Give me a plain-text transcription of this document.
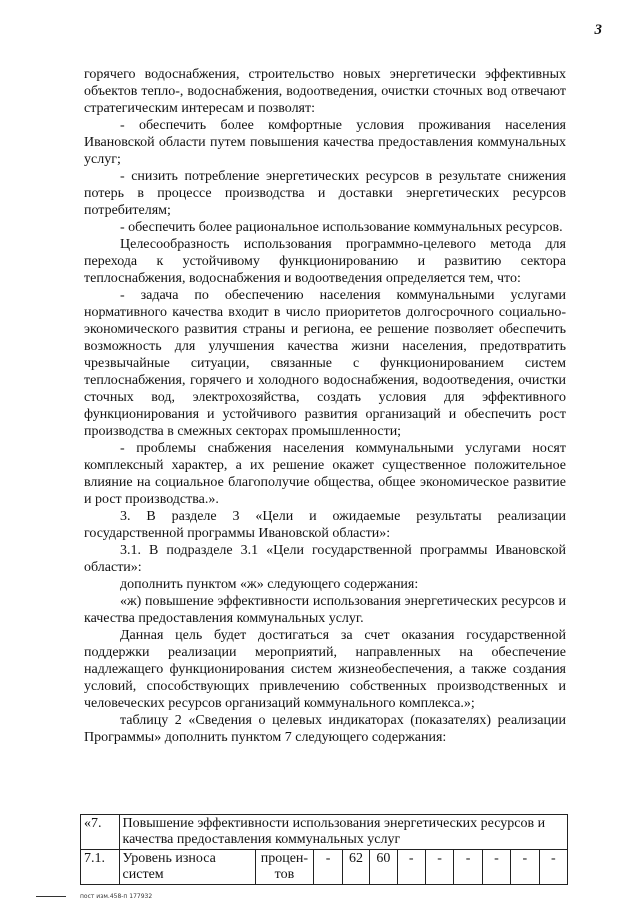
3

горячего водоснабжения, строительство новых энергетически эффективных объектов тепло-, водоснабжения, водоотведения, очистки сточных вод отвечают стратегическим интересам и позволят:

- обеспечить более комфортные условия проживания населения Ивановской области путем повышения качества предоставления коммунальных услуг;

- снизить потребление энергетических ресурсов в результате снижения потерь в процессе производства и доставки энергетических ресурсов потребителям;

- обеспечить более рациональное использование коммунальных ресурсов.

Целесообразность использования программно-целевого метода для перехода к устойчивому функционированию и развитию сектора теплоснабжения, водоснабжения и водоотведения определяется тем, что:

- задача по обеспечению населения коммунальными услугами нормативного качества входит в число приоритетов долгосрочного социально-экономического развития страны и региона, ее решение позволяет обеспечить возможность для улучшения качества жизни населения, предотвратить чрезвычайные ситуации, связанные с функционированием систем теплоснабжения, горячего и холодного водоснабжения, водоотведения, очистки сточных вод, электрохозяйства, создать условия для эффективного функционирования и устойчивого развития организаций и обеспечить рост производства в смежных секторах промышленности;

- проблемы снабжения населения коммунальными услугами носят комплексный характер, а их решение окажет существенное положительное влияние на социальное благополучие общества, общее экономическое развитие и рост производства.».

3. В разделе 3 «Цели и ожидаемые результаты реализации государственной программы Ивановской области»:

3.1. В подразделе 3.1 «Цели государственной программы Ивановской области»:

дополнить пунктом «ж» следующего содержания:

«ж) повышение эффективности использования энергетических ресурсов и качества предоставления коммунальных услуг.

Данная цель будет достигаться за счет оказания государственной поддержки реализации мероприятий, направленных на обеспечение надлежащего функционирования систем жизнеобеспечения, а также создания условий, способствующих привлечению собственных производственных и человеческих ресурсов организаций коммунального комплекса.»;

таблицу 2 «Сведения о целевых индикаторах (показателях) реализации Программы» дополнить пунктом 7 следующего содержания:

«7.	Повышение эффективности использования энергетических ресурсов и качества предоставления коммунальных услуг										
7.1.	Уровень износа систем	процен-тов	-	62	60	-	-	-	-	-	-
пост изм.458-п 177932
